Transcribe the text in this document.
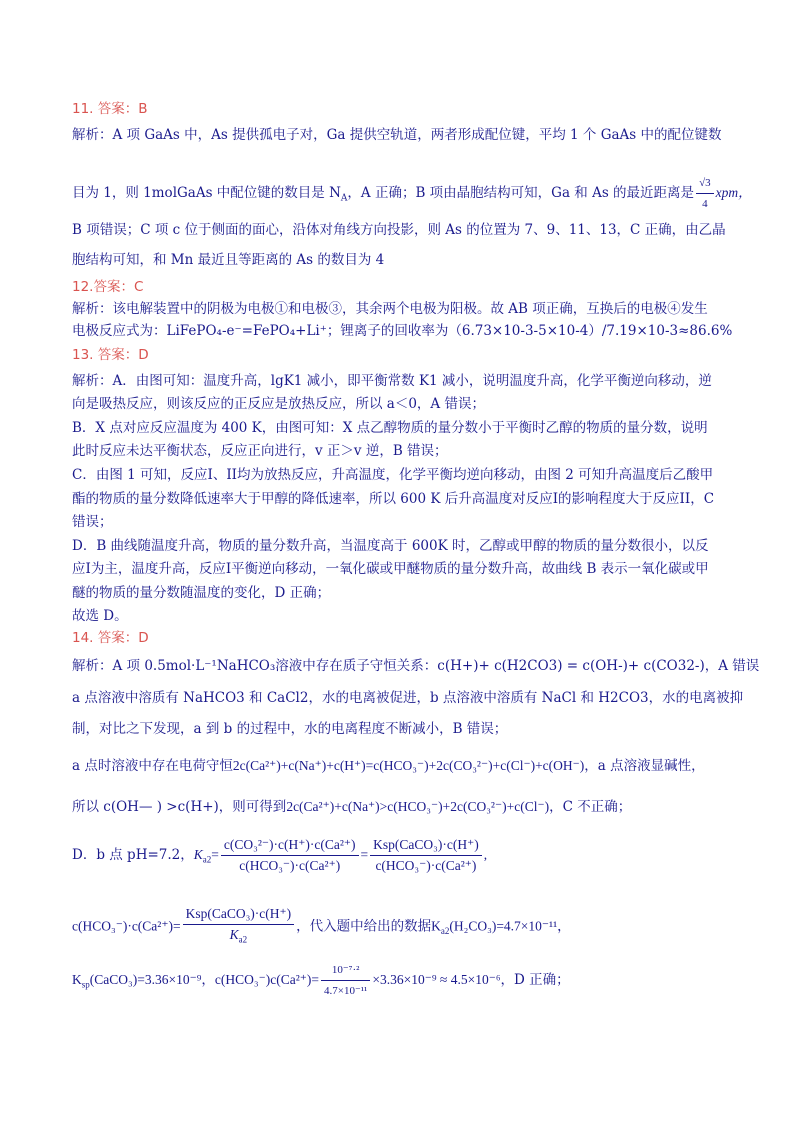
11. 答案：B
解析：A 项 GaAs 中，As 提供孤电子对，Ga 提供空轨道，两者形成配位键，平均 1 个 GaAs 中的配位键数
目为 1，则 1molGaAs 中配位键的数目是 $N_A$，A 正确；B 项由晶胞结构可知，Ga 和 As 的最近距离是 $\frac{√3}{4}$ xpm，
B 项错误；C 项 c 位于侧面的面心，沿体对角线方向投影，则 As 的位置为 7、9、11、13，C 正确，由乙晶
胞结构可知，和 Mn 最近且等距离的 As 的数目为 4
12.答案：C
解析：该电解装置中的阴极为电极①和电极③，其余两个电极为阳极。故 AB 项正确，互换后的电极④发生
电极反应式为：LiFePO₄-e⁻=FePO₄+Li⁺；锂离子的回收率为（6.73×10-3-5×10-4）/7.19×10-3≈86.6%
13. 答案：D
解析：A．由图可知：温度升高，lgK1 减小，即平衡常数 K1 减小，说明温度升高，化学平衡逆向移动，逆
向是吸热反应，则该反应的正反应是放热反应，所以 a＜0，A 错误；
B．X 点对应反应温度为 400 K，由图可知：X 点乙醇物质的量分数小于平衡时乙醇的物质的量分数，说明
此时反应未达平衡状态，反应正向进行，v 正＞v 逆，B 错误；
C．由图 1 可知，反应I、II均为放热反应，升高温度，化学平衡均逆向移动，由图 2 可知升高温度后乙酸甲
酯的物质的量分数降低速率大于甲醇的降低速率，所以 600 K 后升高温度对反应I的影响程度大于反应II，C
错误；
D．B 曲线随温度升高，物质的量分数升高，当温度高于 600K 时，乙醇或甲醇的物质的量分数很小，以反
应I为主，温度升高，反应I平衡逆向移动，一氧化碳或甲醚物质的量分数升高，故曲线 B 表示一氧化碳或甲
醚的物质的量分数随温度的变化，D 正确；
故选 D。
14. 答案：D
解析：A 项 0.5mol·L⁻¹NaHCO₃溶液中存在质子守恒关系：c(H+)+ c(H2CO3) = c(OH-)+ c(CO32-)，A 错误
a 点溶液中溶质有 NaHCO3 和 CaCl2，水的电离被促进，b 点溶液中溶质有 NaCl 和 H2CO3，水的电离被抑
制，对比之下发现，a 到 b 的过程中，水的电离程度不断减小，B 错误；
a 点时溶液中存在电荷守恒2c(Ca²⁺)+c(Na⁺)+c(H⁺)=c(HCO₃⁻)+2c(CO₃²⁻)+c(Cl⁻)+c(OH⁻)，a 点溶液显碱性，
所以 c(OH— ) >c(H+)，则可得到2c(Ca²⁺)+c(Na⁺)>c(HCO₃⁻)+2c(CO₃²⁻)+c(Cl⁻)，C 不正确；
D．b 点 pH=7.2，$K_{a2}= \frac{\text{c(CO₃²⁻)·c(H⁺)·c(Ca²⁺)}}{\text{c(HCO₃⁻)·c(Ca²⁺)}} = \frac{\text{Ksp(CaCO₃)·c(H⁺)}}{\text{c(HCO₃⁻)·c(Ca²⁺)}}$ ,
$c(HCO_3^-)\cdot c(Ca^{2+})= \frac{\text{Ksp(CaCO₃)·c(H⁺)}}{K_{a2}}$ ，代入题中给出的数据$K_{a2}(H_2CO_3)=4.7\times 10^{-11}$，
$K_{sp}(CaCO_3)=3.36\times 10^{-9}$，$c(HCO_3^-)c(Ca^{2+})= \frac{\text{10⁻⁷·²}}{\text{4.7×10⁻¹¹}} \times 3.36\times 10^{-9} \approx 4.5\times 10^{-6}$，D 正确；
